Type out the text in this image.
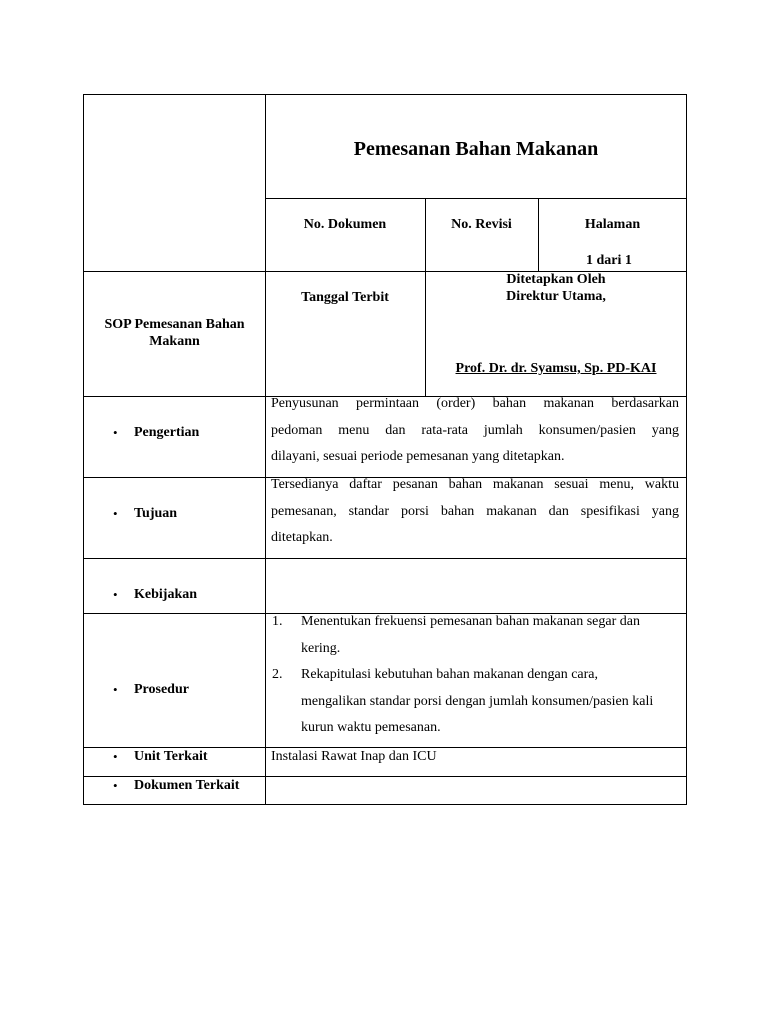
Pemesanan Bahan Makanan
No. Dokumen	No. Revisi	Halaman
1 dari 1
SOP Pemesanan Bahan
Makann
Tanggal Terbit
Ditetapkan Oleh
Direktur Utama,
Prof. Dr. dr. Syamsu, Sp. PD-KAI
• Pengertian
• Tujuan
• Kebijakan
• Prosedur
• Unit Terkait
• Dokumen Terkait
Penyusunan permintaan (order) bahan makanan berdasarkan
pedoman menu dan rata-rata jumlah konsumen/pasien yang
dilayani, sesuai periode pemesanan yang ditetapkan.
Tersedianya daftar pesanan bahan makanan sesuai menu, waktu
pemesanan, standar porsi bahan makanan dan spesifikasi yang
ditetapkan.
1. Menentukan frekuensi pemesanan bahan makanan segar dan
kering.
2. Rekapitulasi kebutuhan bahan makanan dengan cara,
mengalikan standar porsi dengan jumlah konsumen/pasien kali
kurun waktu pemesanan.
Instalasi Rawat Inap dan ICU
